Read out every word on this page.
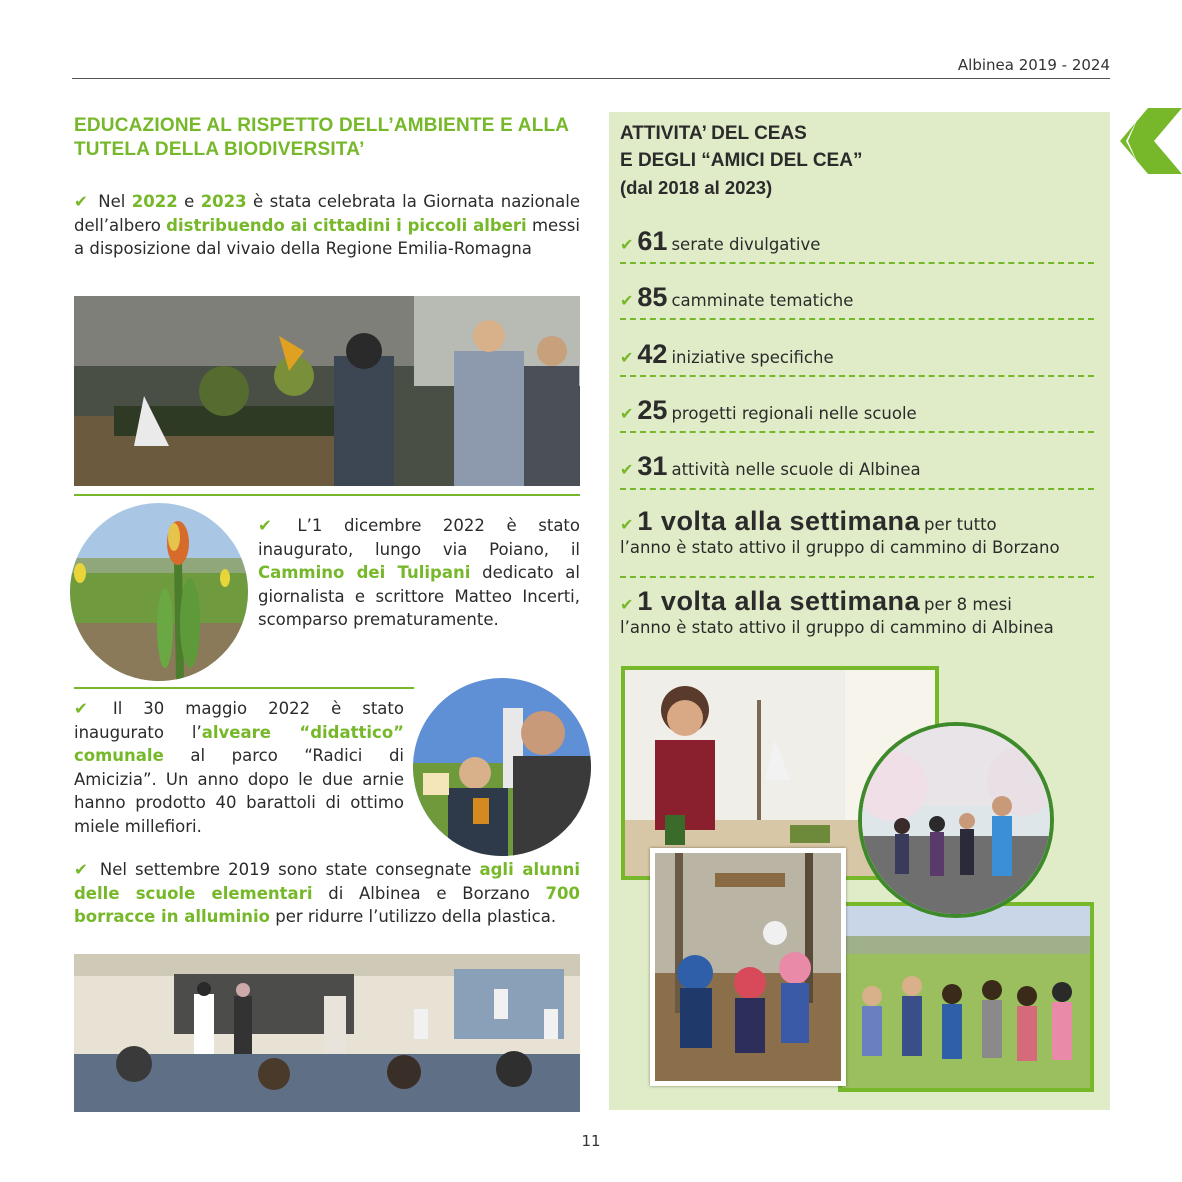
Albinea 2019 - 2024
EDUCAZIONE AL RISPETTO DELL’AMBIENTE E ALLA TUTELA DELLA BIODIVERSITA’
✔ Nel 2022 e 2023 è stata celebrata la Giornata nazionale dell’albero distribuendo ai cittadini i piccoli alberi messi a disposizione dal vivaio della Regione Emilia-Romagna
✔ L’1 dicembre 2022 è stato inaugurato, lungo via Poiano, il Cammino dei Tulipani dedicato al giornalista e scrittore Matteo Incerti, scomparso prematuramente.
✔ Il 30 maggio 2022 è stato inaugurato l’alveare “didattico” comunale al parco “Radici di Amicizia”. Un anno dopo le due arnie hanno prodotto 40 barattoli di ottimo miele millefiori.
✔ Nel settembre 2019 sono state consegnate agli alunni delle scuole elementari di Albinea e Borzano 700 borracce in alluminio per ridurre l’utilizzo della plastica.
11
ATTIVITA’ DEL CEAS
E DEGLI “AMICI DEL CEA”
(dal 2018 al 2023)
✔ 61 serate divulgative
✔ 85 camminate tematiche
✔ 42 iniziative specifiche
✔ 25 progetti regionali nelle scuole
✔ 31 attività nelle scuole di Albinea
✔ 1 volta alla settimana per tutto
l’anno è stato attivo il gruppo di cammino di Borzano
✔ 1 volta alla settimana per 8 mesi
l’anno è stato attivo il gruppo di cammino di Albinea
